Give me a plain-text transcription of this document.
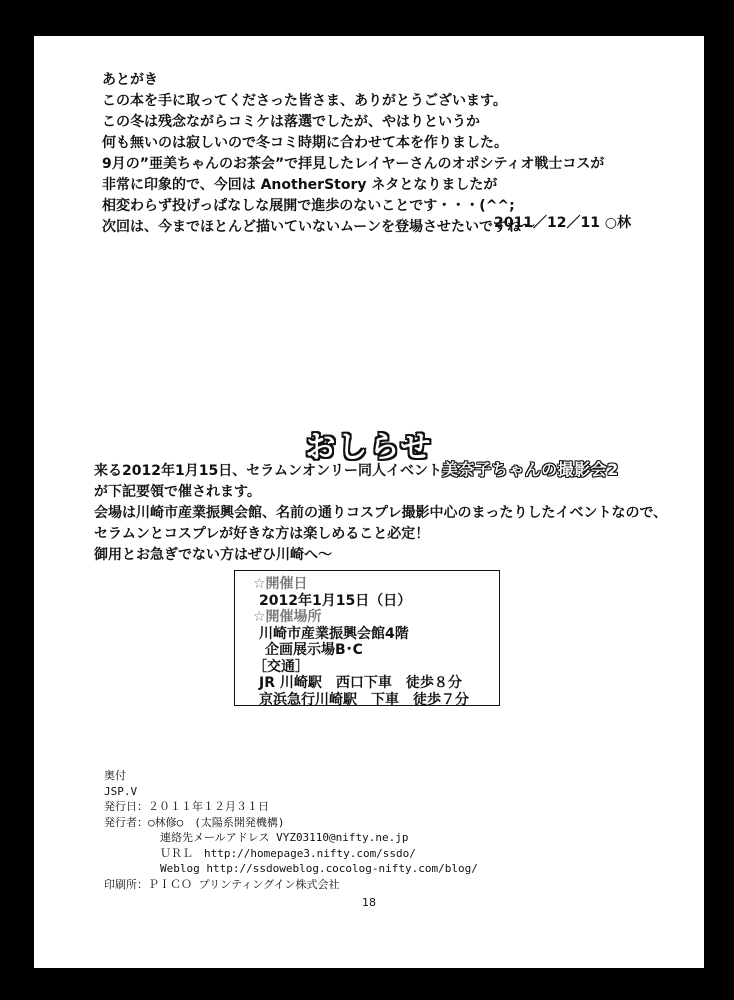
あとがき
この本を手に取ってくださった皆さま、ありがとうございます。
この冬は残念ながらコミケは落選でしたが、やはりというか
何も無いのは寂しいので冬コミ時期に合わせて本を作りました。
9月の”亜美ちゃんのお茶会”で拝見したレイヤーさんのオポシティオ戦士コスが
非常に印象的で、今回は AnotherStory ネタとなりましたが
相変わらず投げっぱなしな展開で進歩のないことです・・・(^^;
次回は、今までほとんど描いていないムーンを登場させたいですね～
2011／12／11 ○林
おしらせ
来る2012年1月15日、セラムンオンリー同人イベント美奈子ちゃんの撮影会2
が下記要領で催されます。
会場は川崎市産業振興会館、名前の通りコスプレ撮影中心のまったりしたイベントなので、
セラムンとコスプレが好きな方は楽しめること必定！
御用とお急ぎでない方はぜひ川崎へ～
☆開催日
2012年1月15日（日）
☆開催場所
川崎市産業振興会館4階
企画展示場B･C
［交通］
JR 川崎駅　西口下車　徒歩８分
京浜急行川崎駅　下車　徒歩７分
奥付
JSP.V
発行日：２０１１年１２月３１日
発行者：○林修○　(太陽系開発機構)
連絡先メールアドレス VYZ03110@nifty.ne.jp
ＵＲＬ　http://homepage3.nifty.com/ssdo/
Weblog http://ssdoweblog.cocolog-nifty.com/blog/
印刷所：ＰＩＣＯ プリンティングイン株式会社
18
